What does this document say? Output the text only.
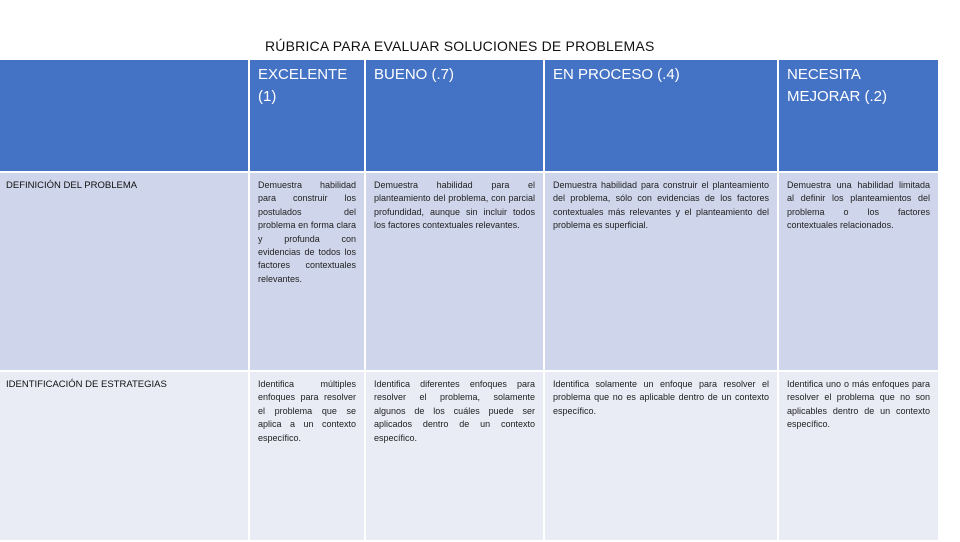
RÚBRICA PARA EVALUAR SOLUCIONES DE PROBLEMAS
	EXCELENTE (1)	BUENO (.7)	EN PROCESO (.4)	NECESITA MEJORAR (.2)
DEFINICIÓN DEL PROBLEMA	Demuestra habilidad para construir los postulados del problema en forma clara y profunda con evidencias de todos los factores contextuales relevantes.	Demuestra habilidad para el planteamiento del problema, con parcial profundidad, aunque sin incluir todos los factores contextuales relevantes.	Demuestra habilidad para construir el planteamiento del problema, sólo con evidencias de los factores contextuales más relevantes y el planteamiento del problema es superficial.	Demuestra una habilidad limitada al definir los planteamientos del problema o los factores contextuales relacionados.
IDENTIFICACIÓN DE ESTRATEGIAS	Identifica múltiples enfoques para resolver el problema que se aplica a un contexto específico.	Identifica diferentes enfoques para resolver el problema, solamente algunos de los cuáles puede ser aplicados dentro de un contexto específico.	Identifica solamente un enfoque para resolver el problema que no es aplicable dentro de un contexto específico.	Identifica uno o más enfoques para resolver el problema que no son aplicables dentro de un contexto específico.
